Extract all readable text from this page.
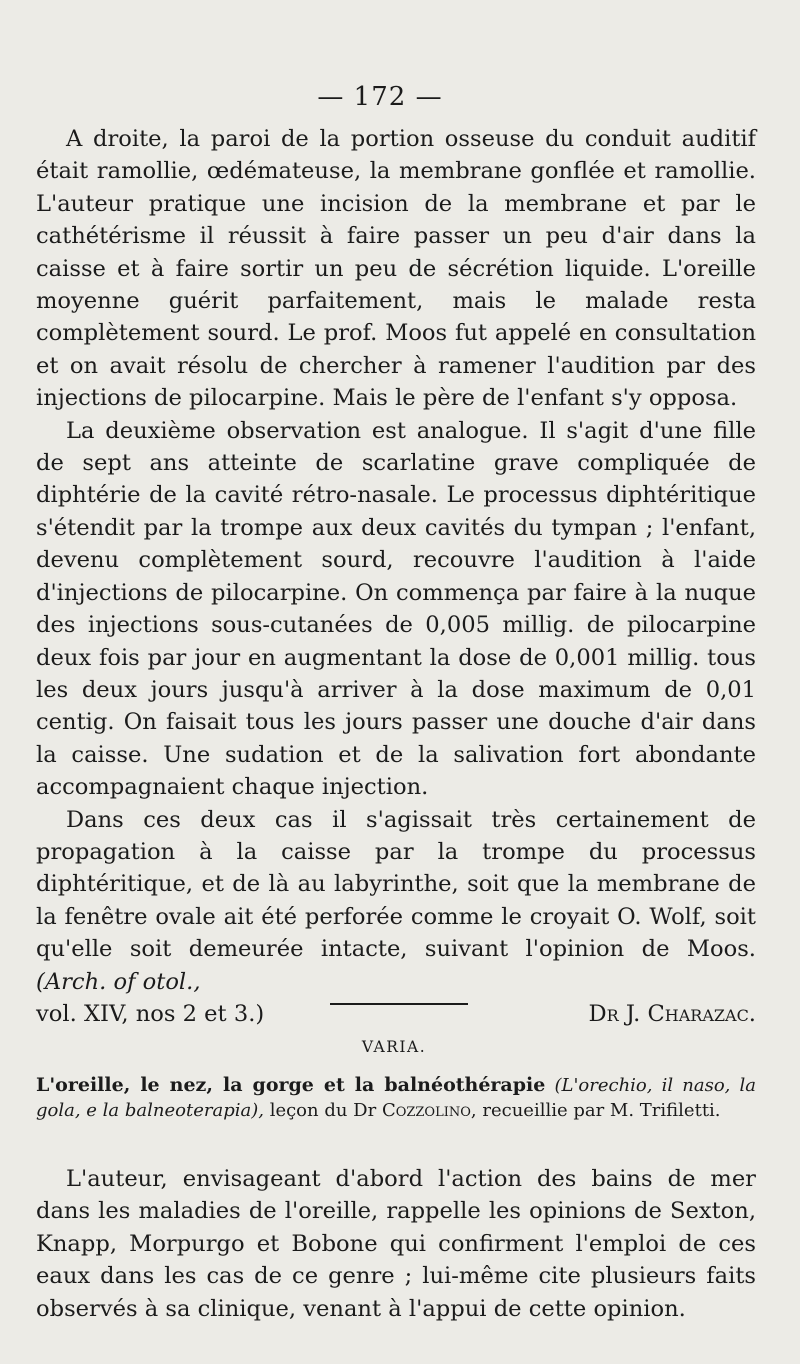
— 172 —

A droite, la paroi de la portion osseuse du conduit auditif était ramollie, œdémateuse, la membrane gonflée et ramollie. L'auteur pratique une incision de la membrane et par le cathétérisme il réussit à faire passer un peu d'air dans la caisse et à faire sortir un peu de sécrétion liquide. L'oreille moyenne guérit parfaitement, mais le malade resta complètement sourd. Le prof. Moos fut appelé en consultation et on avait résolu de chercher à ramener l'audition par des injections de pilocarpine. Mais le père de l'enfant s'y opposa.

La deuxième observation est analogue. Il s'agit d'une fille de sept ans atteinte de scarlatine grave compliquée de diphtérie de la cavité rétro-nasale. Le processus diphtéritique s'étendit par la trompe aux deux cavités du tympan ; l'enfant, devenu complètement sourd, recouvre l'audition à l'aide d'injections de pilocarpine. On commença par faire à la nuque des injections sous-cutanées de 0,005 millig. de pilocarpine deux fois par jour en augmentant la dose de 0,001 millig. tous les deux jours jusqu'à arriver à la dose maximum de 0,01 centig. On faisait tous les jours passer une douche d'air dans la caisse. Une sudation et de la salivation fort abondante accompagnaient chaque injection.

Dans ces deux cas il s'agissait très certainement de propagation à la caisse par la trompe du processus diphtéritique, et de là au labyrinthe, soit que la membrane de la fenêtre ovale ait été perforée comme le croyait O. Wolf, soit qu'elle soit demeurée intacte, suivant l'opinion de Moos. (Arch. of otol.,

vol. XIV, nos 2 et 3.)	Dr J. Charazac.

VARIA.
L'oreille, le nez, la gorge et la balnéothérapie (L'orechio, il naso, la gola, e la balneoterapia), leçon du Dr Cozzolino, recueillie par M. Trifiletti.

L'auteur, envisageant d'abord l'action des bains de mer dans les maladies de l'oreille, rappelle les opinions de Sexton, Knapp, Morpurgo et Bobone qui confirment l'emploi de ces eaux dans les cas de ce genre ; lui-même cite plusieurs faits observés à sa clinique, venant à l'appui de cette opinion.
